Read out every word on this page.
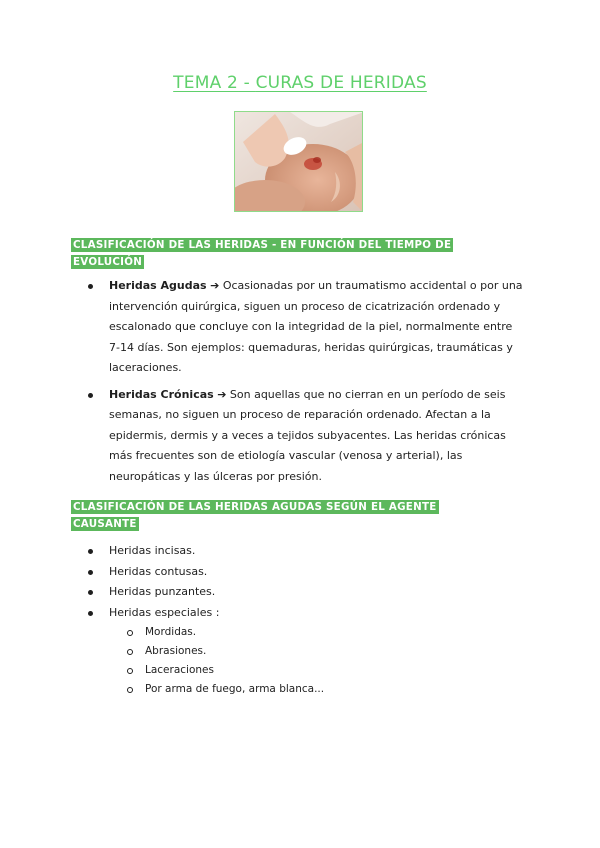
TEMA 2 - CURAS DE HERIDAS
CLASIFICACIÓN DE LAS HERIDAS - EN FUNCIÓN DEL TIEMPO DE EVOLUCIÓN
Heridas Agudas ➔ Ocasionadas por un traumatismo accidental o por una intervención quirúrgica, siguen un proceso de cicatrización ordenado y escalonado que concluye con la integridad de la piel, normalmente entre 7-14 días. Son ejemplos: quemaduras, heridas quirúrgicas, traumáticas y laceraciones.
Heridas Crónicas ➔ Son aquellas que no cierran en un período de seis semanas, no siguen un proceso de reparación ordenado. Afectan a la epidermis, dermis y a veces a tejidos subyacentes. Las heridas crónicas más frecuentes son de etiología vascular (venosa y arterial), las neuropáticas y las úlceras por presión.
CLASIFICACIÓN DE LAS HERIDAS AGUDAS SEGÚN EL AGENTE CAUSANTE
Heridas incisas.
Heridas contusas.
Heridas punzantes.
Heridas especiales :
Mordidas.
Abrasiones.
Laceraciones
Por arma de fuego, arma blanca...
